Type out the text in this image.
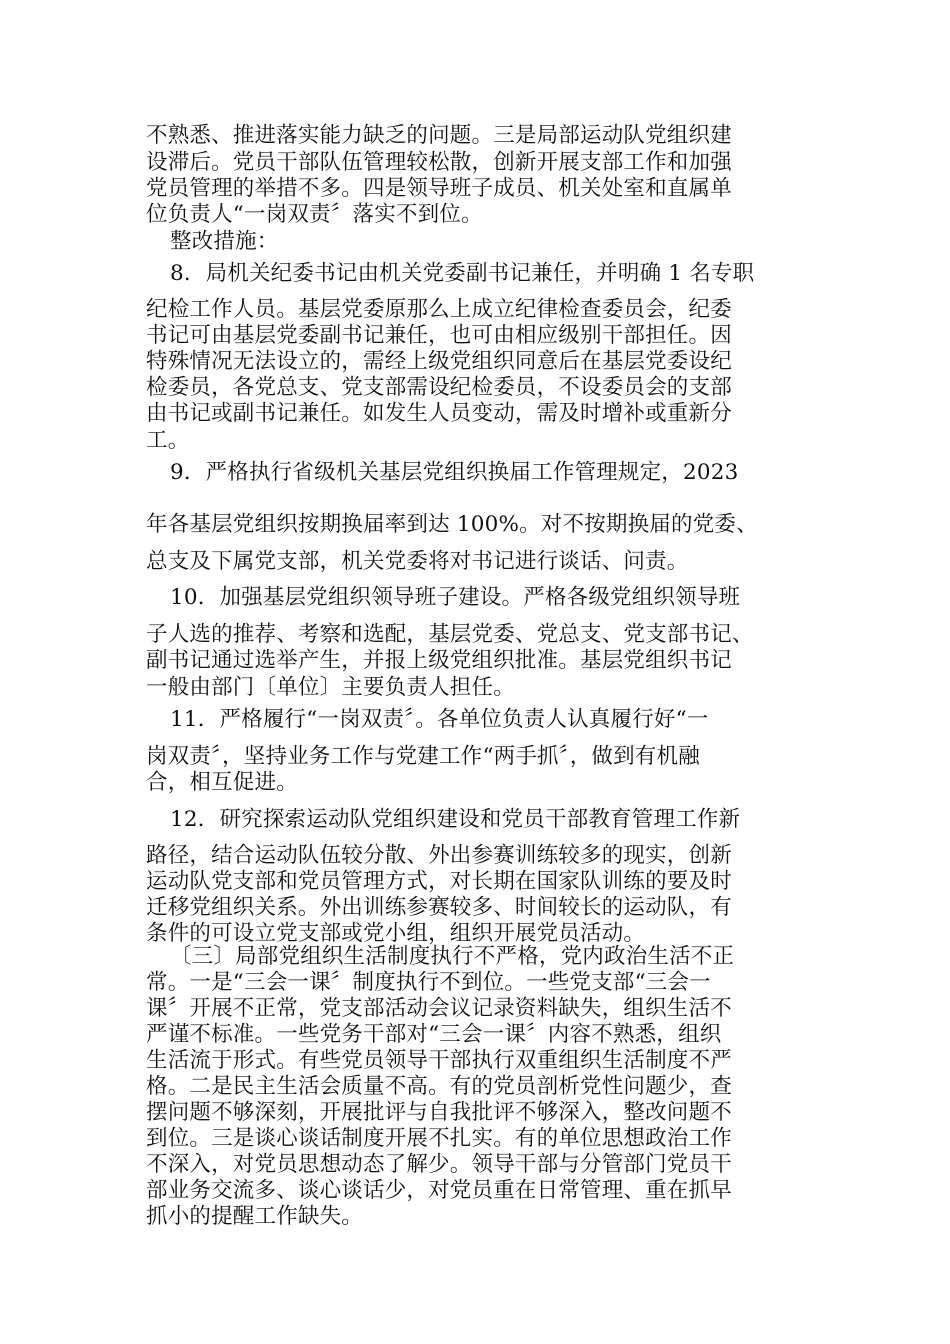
不熟悉、推进落实能力缺乏的问题。三是局部运动队党组织建
设滞后。党员干部队伍管理较松散，创新开展支部工作和加强
党员管理的举措不多。四是领导班子成员、机关处室和直属单
位负责人“一岗双责〞落实不到位。
整改措施：
8．局机关纪委书记由机关党委副书记兼任，并明确 1 名专职
纪检工作人员。基层党委原那么上成立纪律检查委员会，纪委
书记可由基层党委副书记兼任，也可由相应级别干部担任。因
特殊情况无法设立的，需经上级党组织同意后在基层党委设纪
检委员，各党总支、党支部需设纪检委员，不设委员会的支部
由书记或副书记兼任。如发生人员变动，需及时增补或重新分
工。
9．严格执行省级机关基层党组织换届工作管理规定，2023
年各基层党组织按期换届率到达 100%。对不按期换届的党委、
总支及下属党支部，机关党委将对书记进行谈话、问责。
10．加强基层党组织领导班子建设。严格各级党组织领导班
子人选的推荐、考察和选配，基层党委、党总支、党支部书记、
副书记通过选举产生，并报上级党组织批准。基层党组织书记
一般由部门〔单位〕主要负责人担任。
11．严格履行“一岗双责〞。各单位负责人认真履行好“一
岗双责〞，坚持业务工作与党建工作“两手抓〞，做到有机融
合，相互促进。
12．研究探索运动队党组织建设和党员干部教育管理工作新
路径，结合运动队伍较分散、外出参赛训练较多的现实，创新
运动队党支部和党员管理方式，对长期在国家队训练的要及时
迁移党组织关系。外出训练参赛较多、时间较长的运动队，有
条件的可设立党支部或党小组，组织开展党员活动。
〔三〕局部党组织生活制度执行不严格，党内政治生活不正
常。一是“三会一课〞制度执行不到位。一些党支部“三会一
课〞开展不正常，党支部活动会议记录资料缺失，组织生活不
严谨不标准。一些党务干部对“三会一课〞内容不熟悉，组织
生活流于形式。有些党员领导干部执行双重组织生活制度不严
格。二是民主生活会质量不高。有的党员剖析党性问题少，查
摆问题不够深刻，开展批评与自我批评不够深入，整改问题不
到位。三是谈心谈话制度开展不扎实。有的单位思想政治工作
不深入，对党员思想动态了解少。领导干部与分管部门党员干
部业务交流多、谈心谈话少，对党员重在日常管理、重在抓早
抓小的提醒工作缺失。
